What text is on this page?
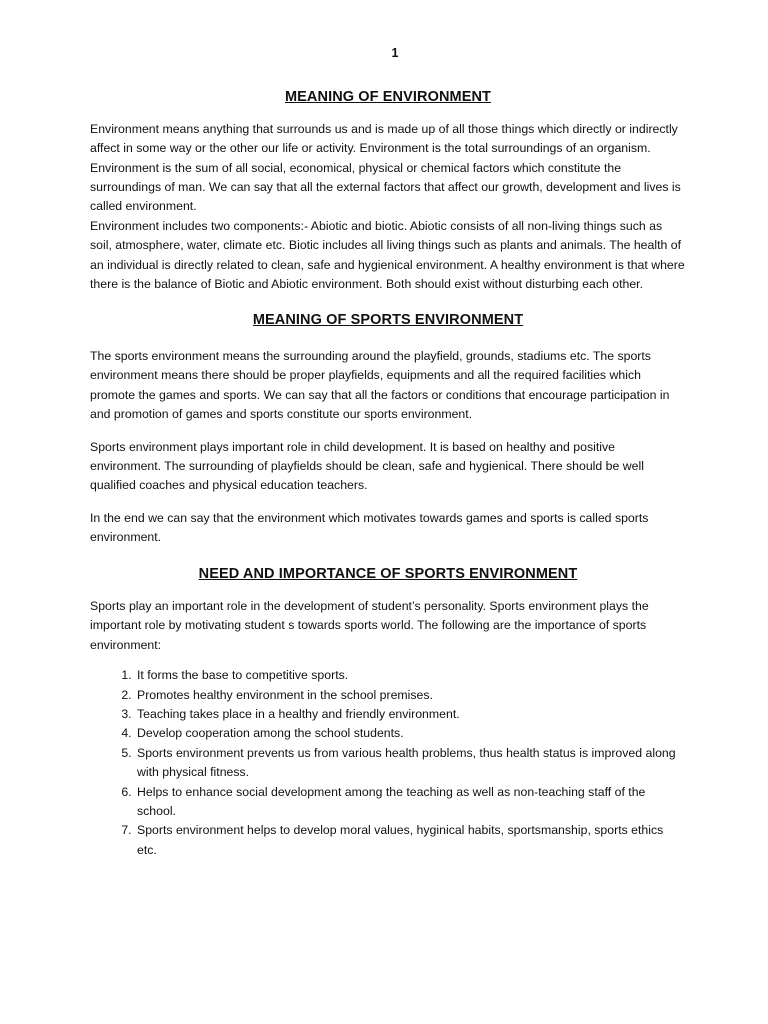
1
MEANING OF ENVIRONMENT

Environment means anything that surrounds us and is made up of all those things which directly or indirectly affect in some way or the other our life or activity. Environment is the total surroundings of an organism. Environment is the sum of all social, economical, physical or chemical factors which constitute the surroundings of man. We can say that all the external factors that affect our growth, development and lives is called environment.

Environment includes two components:- Abiotic and biotic. Abiotic consists of all non-living things such as soil, atmosphere, water, climate etc. Biotic includes all living things such as plants and animals. The health of an individual is directly related to clean, safe and hygienical environment. A healthy environment is that where there is the balance of Biotic and Abiotic environment. Both should exist without disturbing each other.

MEANING OF SPORTS ENVIRONMENT

The sports environment means the surrounding around the playfield, grounds, stadiums etc. The sports environment means there should be proper playfields, equipments and all the required facilities which promote the games and sports. We can say that all the factors or conditions that encourage participation in and promotion of games and sports constitute our sports environment.

Sports environment plays important role in child development. It is based on healthy and positive environment. The surrounding of playfields should be clean, safe and hygienical. There should be well qualified coaches and physical education teachers.

In the end we can say that the environment which motivates towards games and sports is called sports environment.

NEED AND IMPORTANCE OF SPORTS ENVIRONMENT

Sports play an important role in the development of student’s personality. Sports environment plays the important role by motivating student s towards sports world. The following are the importance of sports environment:

1. It forms the base to competitive sports.
2. Promotes healthy environment in the school premises.
3. Teaching takes place in a healthy and friendly environment.
4. Develop cooperation among the school students.
5. Sports environment prevents us from various health problems, thus health status is improved along with physical fitness.
6. Helps to enhance social development among the teaching as well as non-teaching staff of the school.
7. Sports environment helps to develop moral values, hyginical habits, sportsmanship, sports ethics etc.
